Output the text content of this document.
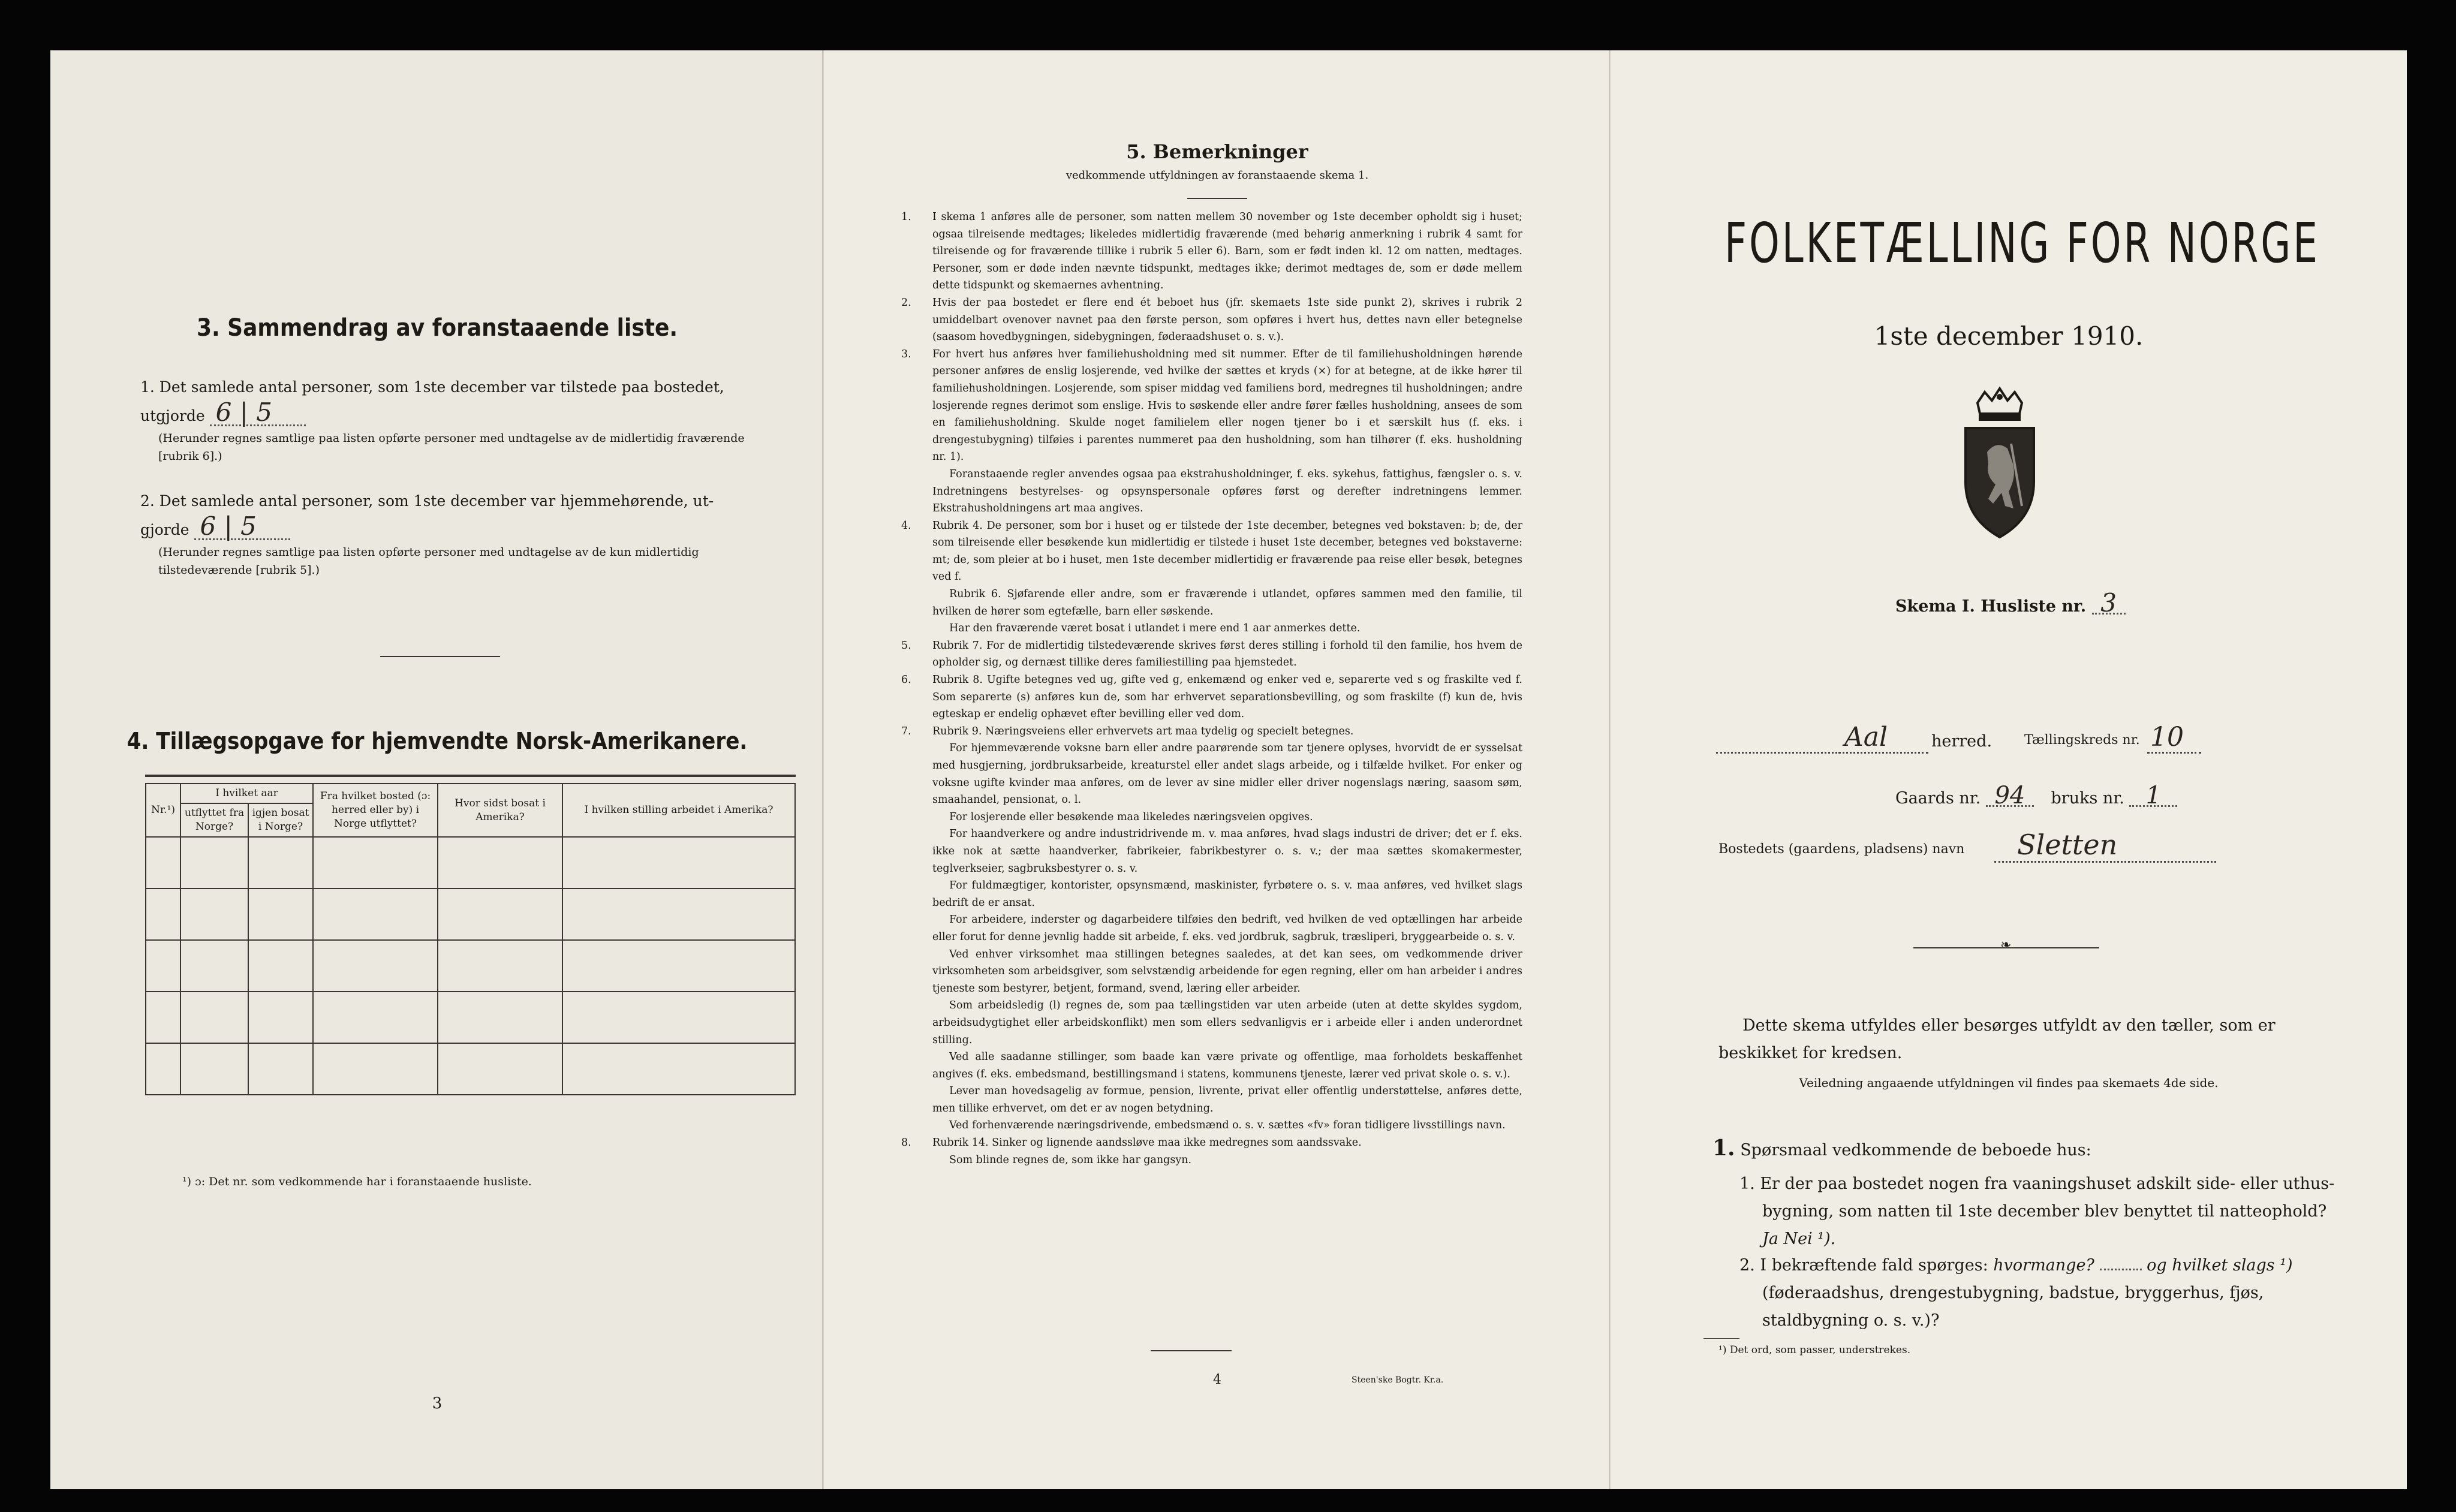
3. Sammendrag av foranstaaende liste.
1. Det samlede antal personer, som 1ste december var tilstede paa bostedet,
utgjorde 6 | 5
(Herunder regnes samtlige paa listen opførte personer med undtagelse av de midlertidig fraværende [rubrik 6].)
2. Det samlede antal personer, som 1ste december var hjemmehørende, ut-
gjorde 6 | 5
(Herunder regnes samtlige paa listen opførte personer med undtagelse av de kun midlertidig tilstedeværende [rubrik 5].)
4. Tillægsopgave for hjemvendte Norsk-Amerikanere.
Nr.¹)	I hvilket aar		Fra hvilket bosted (ɔ: herred eller by) i Norge utflyttet?	Hvor sidst bosat i Amerika?	I hvilken stilling arbeidet i Amerika?
	utflyttet fra Norge?	igjen bosat i Norge?			

¹) ɔ: Det nr. som vedkommende har i foranstaaende husliste.
3
5. Bemerkninger
vedkommende utfyldningen av foranstaaende skema 1.

1. I skema 1 anføres alle de personer, som natten mellem 30 november og 1ste december opholdt sig i huset; ogsaa tilreisende medtages; likeledes midlertidig fraværende (med behørig anmerkning i rubrik 4 samt for tilreisende og for fraværende tillike i rubrik 5 eller 6). Barn, som er født inden kl. 12 om natten, medtages. Personer, som er døde inden nævnte tidspunkt, medtages ikke; derimot medtages de, som er døde mellem dette tidspunkt og skemaernes avhentning.

2. Hvis der paa bostedet er flere end ét beboet hus (jfr. skemaets 1ste side punkt 2), skrives i rubrik 2 umiddelbart ovenover navnet paa den første person, som opføres i hvert hus, dettes navn eller betegnelse (saasom hovedbygningen, sidebygningen, føderaadshuset o. s. v.).

3. For hvert hus anføres hver familiehusholdning med sit nummer. Efter de til familiehusholdningen hørende personer anføres de enslig losjerende, ved hvilke der sættes et kryds (×) for at betegne, at de ikke hører til familiehusholdningen. Losjerende, som spiser middag ved familiens bord, medregnes til husholdningen; andre losjerende regnes derimot som enslige. Hvis to søskende eller andre fører fælles husholdning, ansees de som en familiehusholdning. Skulde noget familielem eller nogen tjener bo i et særskilt hus (f. eks. i drengestubygning) tilføies i parentes nummeret paa den husholdning, som han tilhører (f. eks. husholdning nr. 1).

Foranstaaende regler anvendes ogsaa paa ekstrahusholdninger, f. eks. sykehus, fattighus, fængsler o. s. v. Indretningens bestyrelses- og opsynspersonale opføres først og derefter indretningens lemmer. Ekstrahusholdningens art maa angives.

4. Rubrik 4. De personer, som bor i huset og er tilstede der 1ste december, betegnes ved bokstaven: b; de, der som tilreisende eller besøkende kun midlertidig er tilstede i huset 1ste december, betegnes ved bokstaverne: mt; de, som pleier at bo i huset, men 1ste december midlertidig er fraværende paa reise eller besøk, betegnes ved f.

Rubrik 6. Sjøfarende eller andre, som er fraværende i utlandet, opføres sammen med den familie, til hvilken de hører som egtefælle, barn eller søskende.

Har den fraværende været bosat i utlandet i mere end 1 aar anmerkes dette.

5. Rubrik 7. For de midlertidig tilstedeværende skrives først deres stilling i forhold til den familie, hos hvem de opholder sig, og dernæst tillike deres familiestilling paa hjemstedet.

6. Rubrik 8. Ugifte betegnes ved ug, gifte ved g, enkemænd og enker ved e, separerte ved s og fraskilte ved f. Som separerte (s) anføres kun de, som har erhvervet separationsbevilling, og som fraskilte (f) kun de, hvis egteskap er endelig ophævet efter bevilling eller ved dom.

7. Rubrik 9. Næringsveiens eller erhvervets art maa tydelig og specielt betegnes.

For hjemmeværende voksne barn eller andre paarørende som tar tjenere oplyses, hvorvidt de er sysselsat med husgjerning, jordbruksarbeide, kreaturstel eller andet slags arbeide, og i tilfælde hvilket. For enker og voksne ugifte kvinder maa anføres, om de lever av sine midler eller driver nogenslags næring, saasom søm, smaahandel, pensionat, o. l.

For losjerende eller besøkende maa likeledes næringsveien opgives.

For haandverkere og andre industridrivende m. v. maa anføres, hvad slags industri de driver; det er f. eks. ikke nok at sætte haandverker, fabrikeier, fabrikbestyrer o. s. v.; der maa sættes skomakermester, teglverkseier, sagbruksbestyrer o. s. v.

For fuldmægtiger, kontorister, opsynsmænd, maskinister, fyrbøtere o. s. v. maa anføres, ved hvilket slags bedrift de er ansat.

For arbeidere, inderster og dagarbeidere tilføies den bedrift, ved hvilken de ved optællingen har arbeide eller forut for denne jevnlig hadde sit arbeide, f. eks. ved jordbruk, sagbruk, træsliperi, bryggearbeide o. s. v.

Ved enhver virksomhet maa stillingen betegnes saaledes, at det kan sees, om vedkommende driver virksomheten som arbeidsgiver, som selvstændig arbeidende for egen regning, eller om han arbeider i andres tjeneste som bestyrer, betjent, formand, svend, læring eller arbeider.

Som arbeidsledig (l) regnes de, som paa tællingstiden var uten arbeide (uten at dette skyldes sygdom, arbeidsudygtighet eller arbeidskonflikt) men som ellers sedvanligvis er i arbeide eller i anden underordnet stilling.

Ved alle saadanne stillinger, som baade kan være private og offentlige, maa forholdets beskaffenhet angives (f. eks. embedsmand, bestillingsmand i statens, kommunens tjeneste, lærer ved privat skole o. s. v.).

Lever man hovedsagelig av formue, pension, livrente, privat eller offentlig understøttelse, anføres dette, men tillike erhvervet, om det er av nogen betydning.

Ved forhenværende næringsdrivende, embedsmænd o. s. v. sættes «fv» foran tidligere livsstillings navn.

8. Rubrik 14. Sinker og lignende aandssløve maa ikke medregnes som aandssvake.

Som blinde regnes de, som ikke har gangsyn.

4	Steen'ske Bogtr. Kr.a.
FOLKETÆLLING FOR NORGE
1ste december 1910.
Skema I. Husliste nr. 3
Aal	herred. Tællingskreds nr. 10
Gaards nr. 94 bruks nr. 1
Bostedets (gaardens, pladsens) navn Sletten
❧
Dette skema utfyldes eller besørges utfyldt av den tæller, som er beskikket for kredsen.
Veiledning angaaende utfyldningen vil findes paa skemaets 4de side.
1. Spørsmaal vedkommende de beboede hus:
1. Er der paa bostedet nogen fra vaaningshuset adskilt side- eller uthus-bygning, som natten til 1ste december blev benyttet til natteophold? Ja Nei ¹).
2. I bekræftende fald spørges: hvormange?	og hvilket slags ¹) (føderaadshus, drengestubygning, badstue, bryggerhus, fjøs, staldbygning o. s. v.)?
¹) Det ord, som passer, understrekes.
